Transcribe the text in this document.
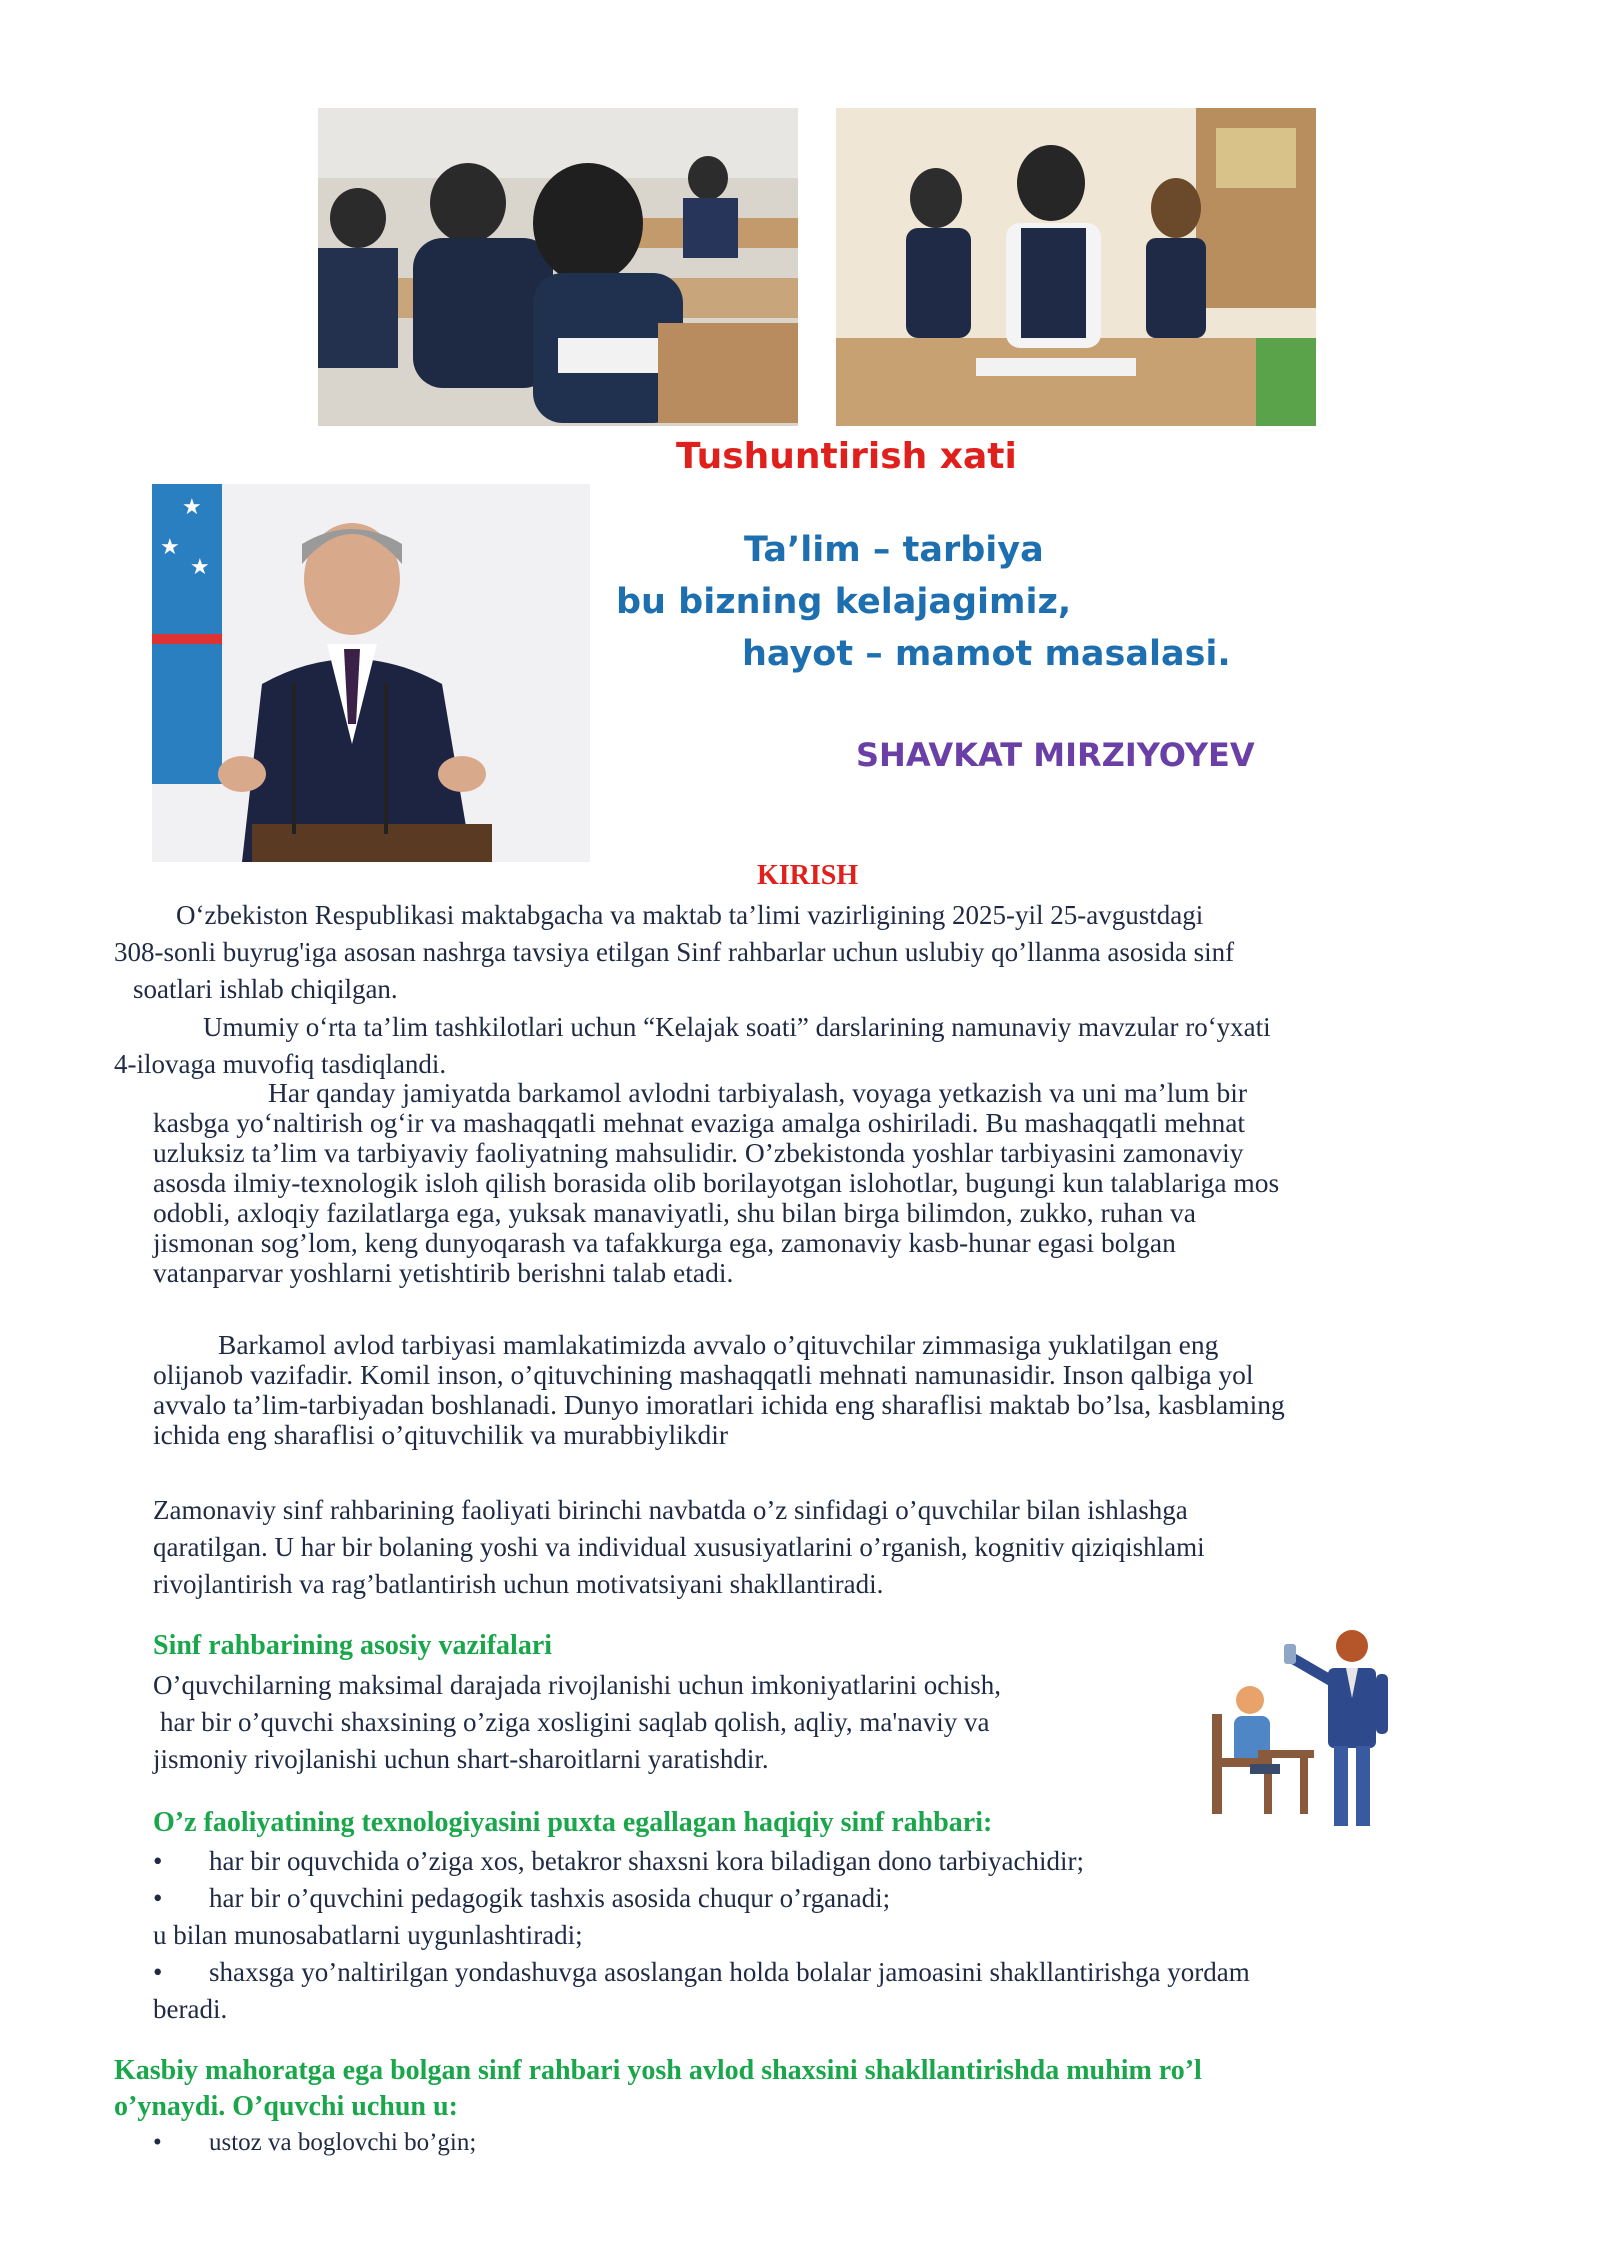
Tushuntirish xati
★
★
★	Ta’lim – tarbiya
bu bizning kelajagimiz,
hayot – mamot masalasi.
SHAVKAT MIRZIYOYEV
KIRISH
O‘zbekiston Respublikasi maktabgacha va maktab ta’limi vazirligining 2025-yil 25-avgustdagi
308-sonli buyrug'iga asosan nashrga tavsiya etilgan Sinf rahbarlar uchun uslubiy qo’llanma asosida sinf
soatlari ishlab chiqilgan.
Umumiy o‘rta ta’lim tashkilotlari uchun “Kelajak soati” darslarining namunaviy mavzular ro‘yxati
4-ilovaga muvofiq tasdiqlandi.
Har qanday jamiyatda barkamol avlodni tarbiyalash, voyaga yetkazish va uni ma’lum bir
kasbga yo‘naltirish og‘ir va mashaqqatli mehnat evaziga amalga oshiriladi. Bu mashaqqatli mehnat
uzluksiz ta’lim va tarbiyaviy faoliyatning mahsulidir. O’zbekistonda yoshlar tarbiyasini zamonaviy
asosda ilmiy-texnologik isloh qilish borasida olib borilayotgan islohotlar, bugungi kun talablariga mos
odobli, axloqiy fazilatlarga ega, yuksak manaviyatli, shu bilan birga bilimdon, zukko, ruhan va
jismonan sog’lom, keng dunyoqarash va tafakkurga ega, zamonaviy kasb-hunar egasi bolgan
vatanparvar yoshlarni yetishtirib berishni talab etadi.
Barkamol avlod tarbiyasi mamlakatimizda avvalo o’qituvchilar zimmasiga yuklatilgan eng
olijanob vazifadir. Komil inson, o’qituvchining mashaqqatli mehnati namunasidir. Inson qalbiga yol
avvalo ta’lim-tarbiyadan boshlanadi. Dunyo imoratlari ichida eng sharaflisi maktab bo’lsa, kasblaming
ichida eng sharaflisi o’qituvchilik va murabbiylikdir
Zamonaviy sinf rahbarining faoliyati birinchi navbatda o’z sinfidagi o’quvchilar bilan ishlashga
qaratilgan. U har bir bolaning yoshi va individual xususiyatlarini o’rganish, kognitiv qiziqishlami
rivojlantirish va rag’batlantirish uchun motivatsiyani shakllantiradi.
Sinf rahbarining asosiy vazifalari
O’quvchilarning maksimal darajada rivojlanishi uchun imkoniyatlarini ochish,
har bir o’quvchi shaxsining o’ziga xosligini saqlab qolish, aqliy, ma'naviy va
jismoniy rivojlanishi uchun shart-sharoitlarni yaratishdir.
O’z faoliyatining texnologiyasini puxta egallagan haqiqiy sinf rahbari:
• har bir oquvchida o’ziga xos, betakror shaxsni kora biladigan dono tarbiyachidir;
• har bir o’quvchini pedagogik tashxis asosida chuqur o’rganadi;
u bilan munosabatlarni uygunlashtiradi;
• shaxsga yo’naltirilgan yondashuvga asoslangan holda bolalar jamoasini shakllantirishga yordam
beradi.
Kasbiy mahoratga ega bolgan sinf rahbari yosh avlod shaxsini shakllantirishda muhim ro’l
o’ynaydi. O’quvchi uchun u:
• ustoz va boglovchi bo’gin;
